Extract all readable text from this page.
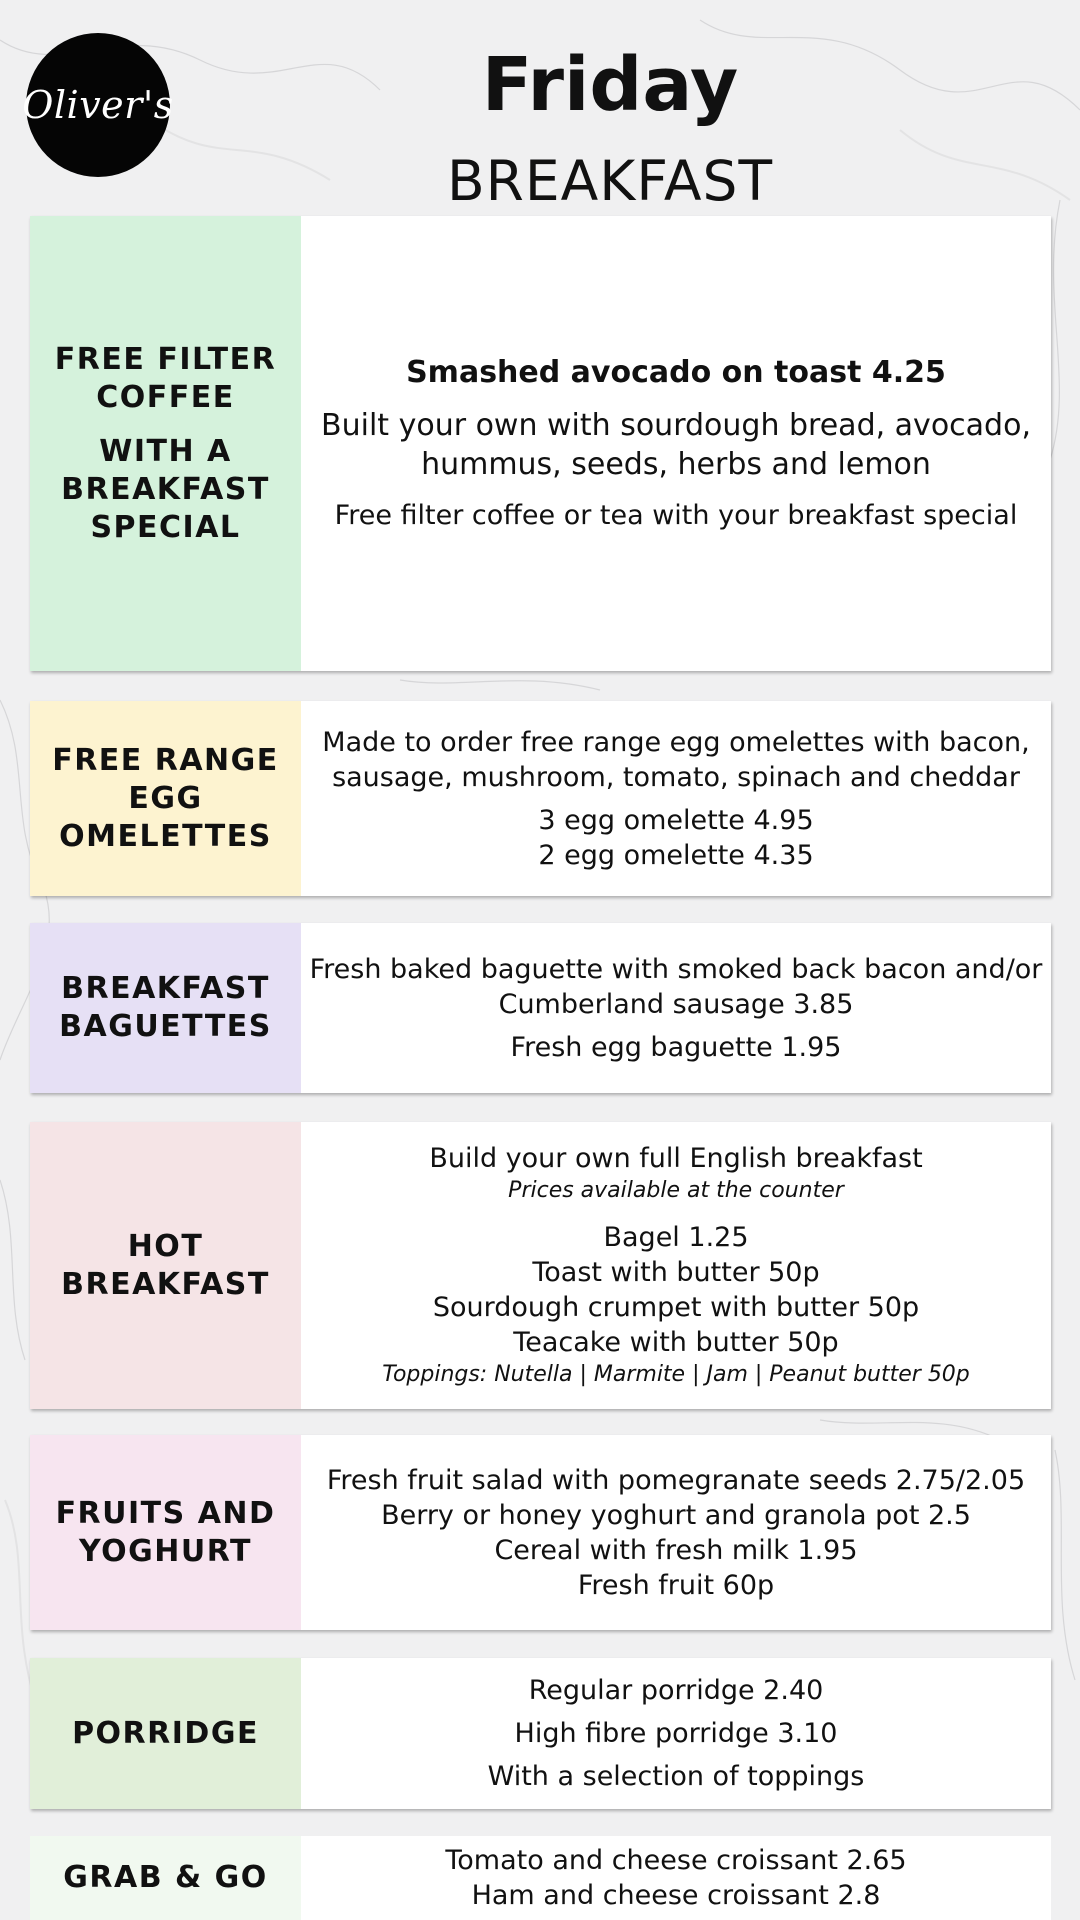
Oliver's	Friday
BREAKFAST
FREE FILTER
COFFEE
WITH A
BREAKFAST
SPECIAL
Smashed avocado on toast 4.25
Built your own with sourdough bread, avocado,
hummus, seeds, herbs and lemon
Free filter coffee or tea with your breakfast special
FREE RANGE
EGG
OMELETTES
Made to order free range egg omelettes with bacon,
sausage, mushroom, tomato, spinach and cheddar
3 egg omelette 4.95
2 egg omelette 4.35
BREAKFAST
BAGUETTES
Fresh baked baguette with smoked back bacon and/or
Cumberland sausage 3.85
Fresh egg baguette 1.95
HOT
BREAKFAST
Build your own full English breakfast
Prices available at the counter
Bagel 1.25
Toast with butter 50p
Sourdough crumpet with butter 50p
Teacake with butter 50p
Toppings: Nutella | Marmite | Jam | Peanut butter 50p
FRUITS AND
YOGHURT
Fresh fruit salad with pomegranate seeds 2.75/2.05
Berry or honey yoghurt and granola pot 2.5
Cereal with fresh milk 1.95
Fresh fruit 60p
PORRIDGE
Regular porridge 2.40
High fibre porridge 3.10
With a selection of toppings
GRAB & GO	Tomato and cheese croissant 2.65
Ham and cheese croissant 2.8
